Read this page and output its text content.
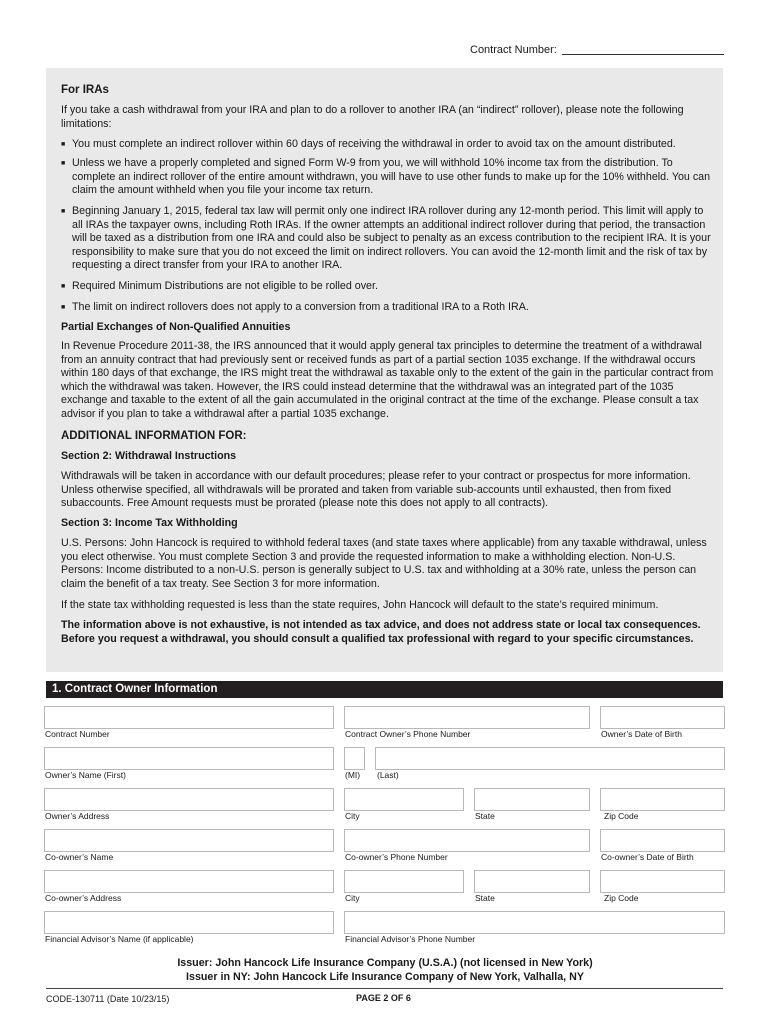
Contract Number:
For IRAs
If you take a cash withdrawal from your IRA and plan to do a rollover to another IRA (an “indirect” rollover), please note the following limitations:
■ You must complete an indirect rollover within 60 days of receiving the withdrawal in order to avoid tax on the amount distributed.
■ Unless we have a properly completed and signed Form W-9 from you, we will withhold 10% income tax from the distribution. To complete an indirect rollover of the entire amount withdrawn, you will have to use other funds to make up for the 10% withheld. You can claim the amount withheld when you file your income tax return.
■ Beginning January 1, 2015, federal tax law will permit only one indirect IRA rollover during any 12-month period. This limit will apply to all IRAs the taxpayer owns, including Roth IRAs. If the owner attempts an additional indirect rollover during that period, the transaction will be taxed as a distribution from one IRA and could also be subject to penalty as an excess contribution to the recipient IRA. It is your responsibility to make sure that you do not exceed the limit on indirect rollovers. You can avoid the 12-month limit and the risk of tax by requesting a direct transfer from your IRA to another IRA.
■ Required Minimum Distributions are not eligible to be rolled over.
■ The limit on indirect rollovers does not apply to a conversion from a traditional IRA to a Roth IRA.
Partial Exchanges of Non-Qualified Annuities
In Revenue Procedure 2011-38, the IRS announced that it would apply general tax principles to determine the treatment of a withdrawal from an annuity contract that had previously sent or received funds as part of a partial section 1035 exchange. If the withdrawal occurs within 180 days of that exchange, the IRS might treat the withdrawal as taxable only to the extent of the gain in the particular contract from which the withdrawal was taken. However, the IRS could instead determine that the withdrawal was an integrated part of the 1035 exchange and taxable to the extent of all the gain accumulated in the original contract at the time of the exchange. Please consult a tax advisor if you plan to take a withdrawal after a partial 1035 exchange.
ADDITIONAL INFORMATION FOR:
Section 2: Withdrawal Instructions
Withdrawals will be taken in accordance with our default procedures; please refer to your contract or prospectus for more information. Unless otherwise specified, all withdrawals will be prorated and taken from variable sub-accounts until exhausted, then from fixed subaccounts. Free Amount requests must be prorated (please note this does not apply to all contracts).
Section 3: Income Tax Withholding
U.S. Persons: John Hancock is required to withhold federal taxes (and state taxes where applicable) from any taxable withdrawal, unless you elect otherwise. You must complete Section 3 and provide the requested information to make a withholding election. Non-U.S. Persons: Income distributed to a non-U.S. person is generally subject to U.S. tax and withholding at a 30% rate, unless the person can claim the benefit of a tax treaty. See Section 3 for more information.
If the state tax withholding requested is less than the state requires, John Hancock will default to the state’s required minimum.
The information above is not exhaustive, is not intended as tax advice, and does not address state or local tax consequences. Before you request a withdrawal, you should consult a qualified tax professional with regard to your specific circumstances.
1. Contract Owner Information
Contract Number	Contract Owner’s Phone Number	Owner’s Date of Birth
Owner’s Name (First)	(MI) (Last)
Owner’s Address	City	State	Zip Code
Co-owner’s Name	Co-owner’s Phone Number	Co-owner’s Date of Birth
Co-owner’s Address	City	State	Zip Code
Financial Advisor’s Name (if applicable)	Financial Advisor’s Phone Number
Issuer: John Hancock Life Insurance Company (U.S.A.) (not licensed in New York)
Issuer in NY: John Hancock Life Insurance Company of New York, Valhalla, NY
CODE-130711 (Date 10/23/15)	PAGE 2 OF 6
